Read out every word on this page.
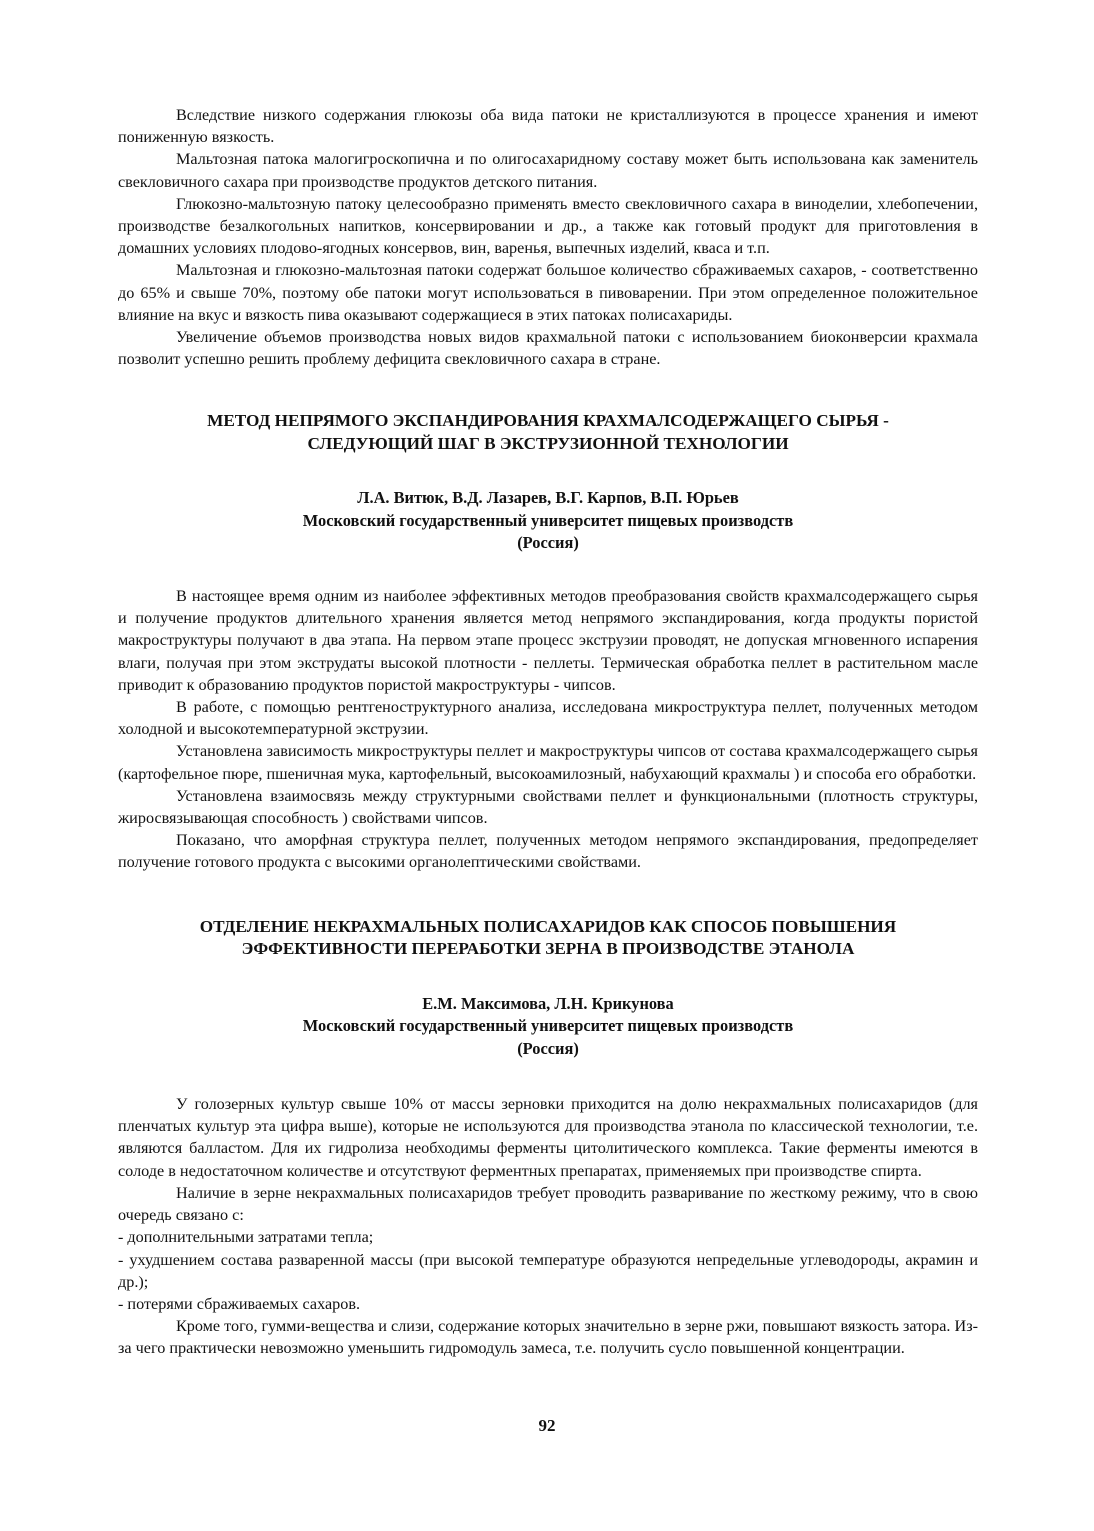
Вследствие низкого содержания глюкозы оба вида патоки не кристаллизуются в процессе хранения и имеют пониженную вязкость.

Мальтозная патока малогигроскопична и по олигосахаридному составу может быть использована как заменитель свекловичного сахара при производстве продуктов детского питания.

Глюкозно-мальтозную патоку целесообразно применять вместо свекловичного сахара в виноделии, хлебопечении, производстве безалкогольных напитков, консервировании и др., а также как готовый продукт для приготовления в домашних условиях плодово-ягодных консервов, вин, варенья, выпечных изделий, кваса и т.п.

Мальтозная и глюкозно-мальтозная патоки содержат большое количество сбраживаемых сахаров, - соответственно до 65% и свыше 70%, поэтому обе патоки могут использоваться в пивоварении. При этом определенное положительное влияние на вкус и вязкость пива оказывают содержащиеся в этих патоках полисахариды.

Увеличение объемов производства новых видов крахмальной патоки с использованием биоконверсии крахмала позволит успешно решить проблему дефицита свекловичного сахара в стране.

МЕТОД НЕПРЯМОГО ЭКСПАНДИРОВАНИЯ КРАХМАЛСОДЕРЖАЩЕГО СЫРЬЯ -
СЛЕДУЮЩИЙ ШАГ В ЭКСТРУЗИОННОЙ ТЕХНОЛОГИИ
Л.А. Витюк, В.Д. Лазарев, В.Г. Карпов, В.П. Юрьев
Московский государственный университет пищевых производств
(Россия)

В настоящее время одним из наиболее эффективных методов преобразования свойств крахмалсодержащего сырья и получение продуктов длительного хранения является метод непрямого экспандирования, когда продукты пористой макроструктуры получают в два этапа. На первом этапе процесс экструзии проводят, не допуская мгновенного испарения влаги, получая при этом экструдаты высокой плотности - пеллеты. Термическая обработка пеллет в растительном масле приводит к образованию продуктов пористой макроструктуры - чипсов.

В работе, с помощью рентгеноструктурного анализа, исследована микроструктура пеллет, полученных методом холодной и высокотемпературной экструзии.

Установлена зависимость микроструктуры пеллет и макроструктуры чипсов от состава крахмалсодержащего сырья (картофельное пюре, пшеничная мука, картофельный, высокоамилозный, набухающий крахмалы ) и способа его обработки.

Установлена взаимосвязь между структурными свойствами пеллет и функциональными (плотность структуры, жиросвязывающая способность ) свойствами чипсов.

Показано, что аморфная структура пеллет, полученных методом непрямого экспандирования, предопределяет получение готового продукта с высокими органолептическими свойствами.

ОТДЕЛЕНИЕ НЕКРАХМАЛЬНЫХ ПОЛИСАХАРИДОВ КАК СПОСОБ ПОВЫШЕНИЯ
ЭФФЕКТИВНОСТИ ПЕРЕРАБОТКИ ЗЕРНА В ПРОИЗВОДСТВЕ ЭТАНОЛА
Е.М. Максимова, Л.Н. Крикунова
Московский государственный университет пищевых производств
(Россия)

У голозерных культур свыше 10% от массы зерновки приходится на долю некрахмальных полисахаридов (для пленчатых культур эта цифра выше), которые не используются для производства этанола по классической технологии, т.е. являются балластом. Для их гидролиза необходимы ферменты цитолитического комплекса. Такие ферменты имеются в солоде в недостаточном количестве и отсутствуют ферментных препаратах, применяемых при производстве спирта.

Наличие в зерне некрахмальных полисахаридов требует проводить разваривание по жесткому режиму, что в свою очередь связано с:

- дополнительными затратами тепла;

- ухудшением состава разваренной массы (при высокой температуре образуются непредельные углеводороды, акрамин и др.);

- потерями сбраживаемых сахаров.

Кроме того, гумми-вещества и слизи, содержание которых значительно в зерне ржи, повышают вязкость затора. Из-за чего практически невозможно уменьшить гидромодуль замеса, т.е. получить сусло повышенной концентрации.

92
